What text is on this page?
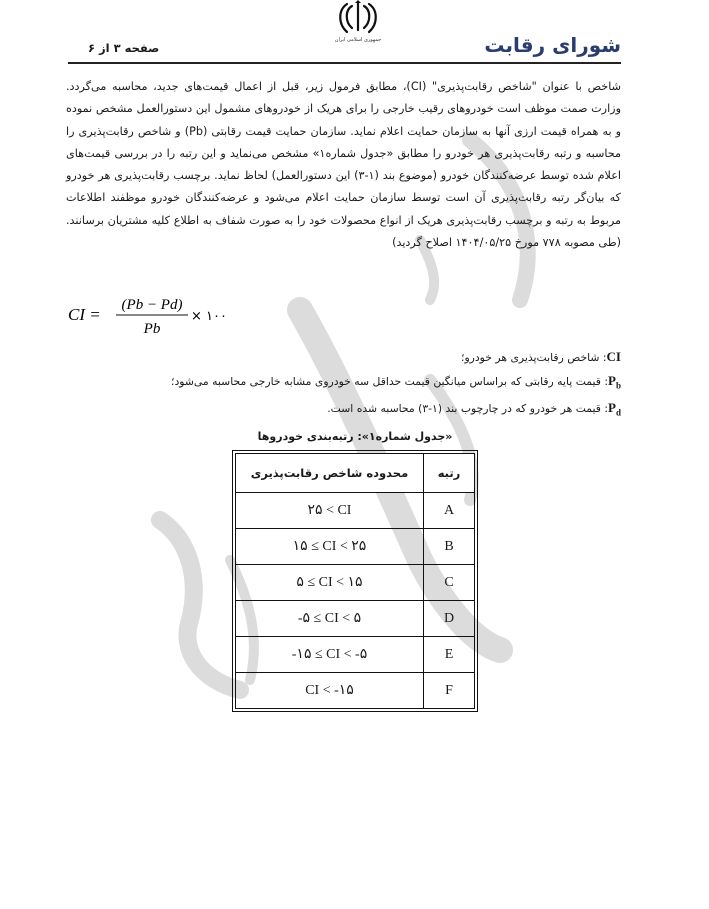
جمهوری اسلامی ایران	شورای رقابت
صفحه ۳ از ۶
شاخص با عنوان "شاخص رقابت‌پذیری" (CI)، مطابق فرمول زیر، قبل از اعمال قیمت‌های جدید، محاسبه می‌گردد. وزارت صمت موظف است خودروهای رقیب خارجی را برای هریک از خودروهای مشمول این دستورالعمل مشخص نموده و به همراه قیمت ارزی آنها به سازمان حمایت اعلام نماید. سازمان حمایت قیمت رقابتی (Pb) و شاخص رقابت‌پذیری را محاسبه و رتبه رقابت‌پذیری هر خودرو را مطابق «جدول شماره۱» مشخص می‌نماید و این رتبه را در بررسی قیمت‌های اعلام شده توسط عرضه‌کنندگان خودرو (موضوع بند (۱-۳) این دستورالعمل) لحاظ نماید. برچسب رقابت‌پذیری هر خودرو که بیان‌گر رتبه رقابت‌پذیری آن است توسط سازمان حمایت اعلام می‌شود و عرضه‌کنندگان خودرو موظفند اطلاعات مربوط به رتبه و برچسب رقابت‌پذیری هریک از انواع محصولات خود را به صورت شفاف به اطلاع کلیه مشتریان برسانند. (طی مصوبه ۷۷۸ مورخ ۱۴۰۴/۰۵/۲۵ اصلاح گردید)
CI = (Pb − Pd)
Pb
× ۱۰۰
CI: شاخص رقابت‌پذیری هر خودرو؛
$P_b$: قیمت پایه رقابتی که براساس میانگین قیمت حداقل سه خودروی مشابه خارجی محاسبه می‌شود؛
$P_d$: قیمت هر خودرو که در چارچوب بند (۱-۳) محاسبه شده است.
«جدول شماره۱»: رتبه‌بندی خودروها
رتبه	محدوده شاخص رقابت‌پذیری
A	۲۵ < CI
B	۱۵ ≤ CI < ۲۵
C	۵ ≤ CI < ۱۵
D	-۵ ≤ CI < ۵
E	-۱۵ ≤ CI < -۵
F	CI < -۱۵
